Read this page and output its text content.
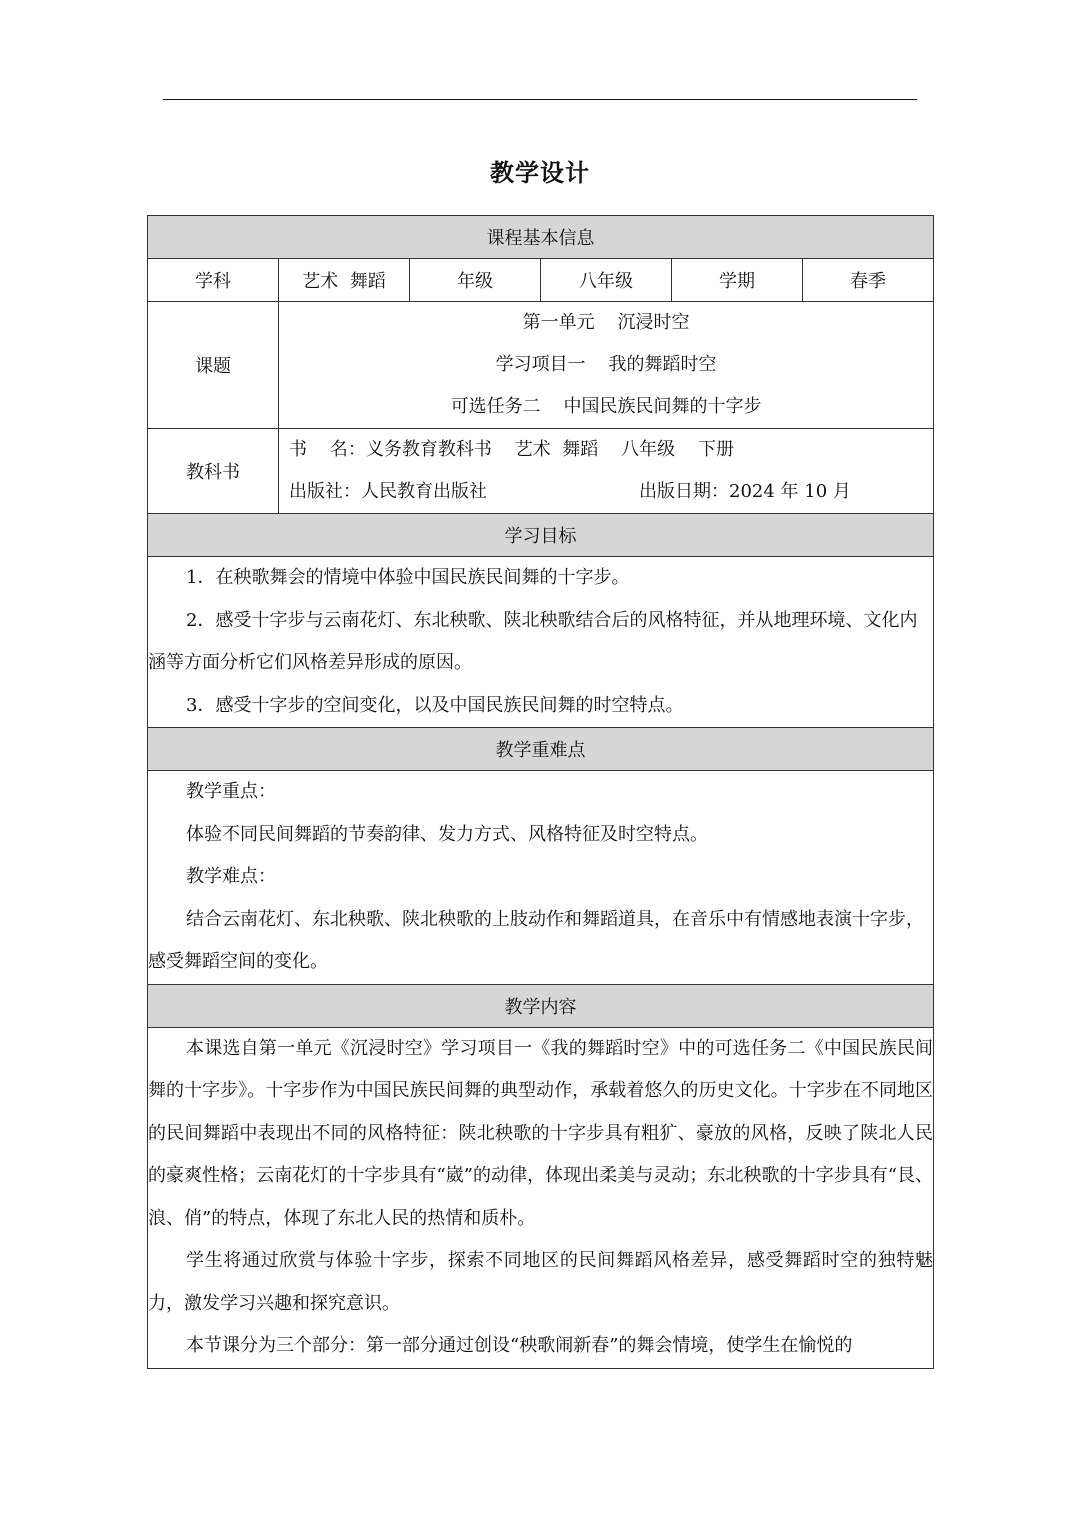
教学设计
课程基本信息					
学科	艺术  舞蹈	年级	八年级	学期	春季
课题	第一单元    沉浸时空
学习项目一    我的舞蹈时空
可选任务二    中国民族民间舞的十字步				

教科书	书    名：义务教育教科书    艺术  舞蹈    八年级    下册
出版社：人民教育出版社 出版日期：2024 年 10 月				

学习目标					

1．在秧歌舞会的情境中体验中国民族民间舞的十字步。

2．感受十字步与云南花灯、东北秧歌、陕北秧歌结合后的风格特征，并从地理环境、文化内涵等方面分析它们风格差异形成的原因。

3．感受十字步的空间变化，以及中国民族民间舞的时空特点。					

教学重难点					

教学重点：

体验不同民间舞蹈的节奏韵律、发力方式、风格特征及时空特点。

教学难点：

结合云南花灯、东北秧歌、陕北秧歌的上肢动作和舞蹈道具，在音乐中有情感地表演十字步，感受舞蹈空间的变化。					

教学内容					

本课选自第一单元《沉浸时空》学习项目一《我的舞蹈时空》中的可选任务二《中国民族民间舞的十字步》。十字步作为中国民族民间舞的典型动作，承载着悠久的历史文化。十字步在不同地区的民间舞蹈中表现出不同的风格特征：陕北秧歌的十字步具有粗犷、豪放的风格，反映了陕北人民的豪爽性格；云南花灯的十字步具有“崴”的动律，体现出柔美与灵动；东北秧歌的十字步具有“艮、浪、俏”的特点，体现了东北人民的热情和质朴。

学生将通过欣赏与体验十字步，探索不同地区的民间舞蹈风格差异，感受舞蹈时空的独特魅力，激发学习兴趣和探究意识。

本节课分为三个部分：第一部分通过创设“秧歌闹新春”的舞会情境，使学生在愉悦的					
